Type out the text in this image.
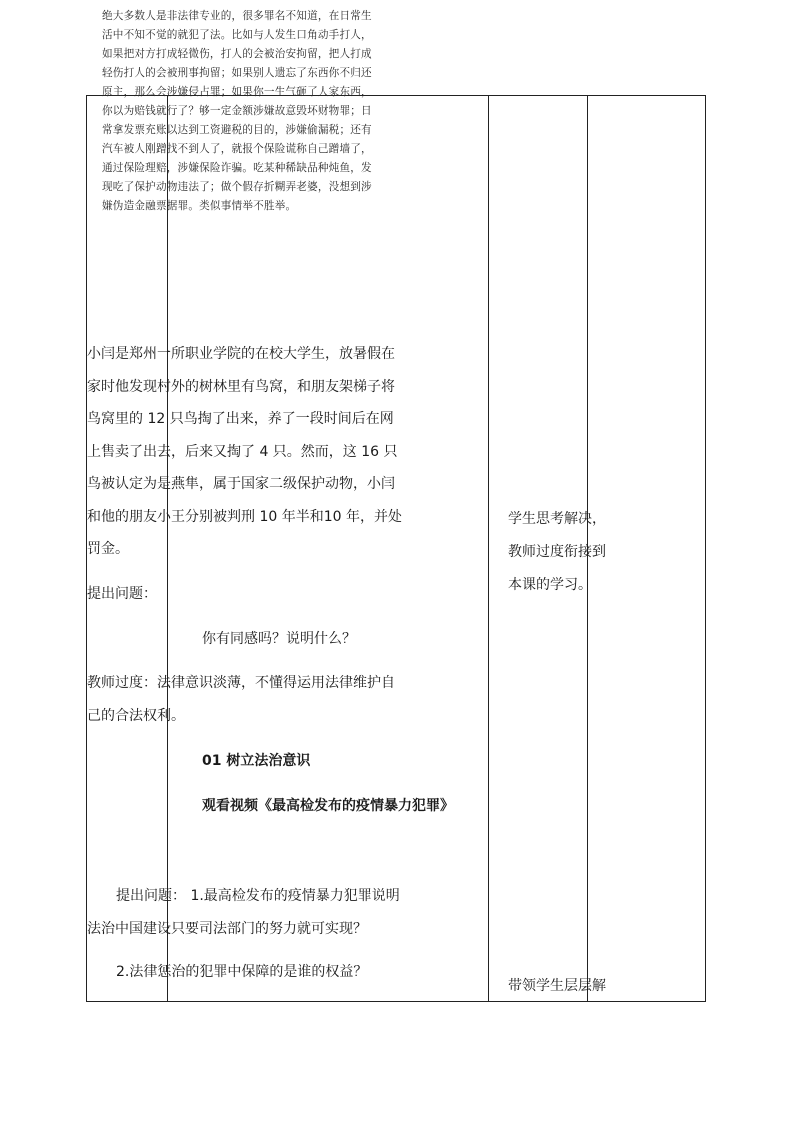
绝大多数人是非法律专业的，很多罪名不知道，在日常生活中不知不觉的就犯了法。比如与人发生口角动手打人，如果把对方打成轻微伤，打人的会被治安拘留，把人打成轻伤打人的会被刑事拘留；如果别人遗忘了东西你不归还原主，那么会涉嫌侵占罪；如果你一生气砸了人家东西，你以为赔钱就行了？够一定金额涉嫌故意毁坏财物罪；日常拿发票充账以达到工资避税的目的，涉嫌偷漏税；还有汽车被人刚蹭找不到人了，就报个保险谎称自己蹭墙了，通过保险理赔，涉嫌保险诈骗。吃某种稀缺品种炖鱼，发现吃了保护动物违法了；做个假存折糊弄老婆，没想到涉嫌伪造金融票据罪。类似事情举不胜举。
小闫是郑州一所职业学院的在校大学生，放暑假在家时他发现村外的树林里有鸟窝，和朋友架梯子将鸟窝里的 12 只鸟掏了出来，养了一段时间后在网上售卖了出去，后来又掏了 4 只。然而，这 16 只鸟被认定为是燕隼，属于国家二级保护动物，小闫和他的朋友小王分别被判刑 10 年半和10 年，并处罚金。
提出问题：
你有同感吗？说明什么？
教师过度：法律意识淡薄，不懂得运用法律维护自己的合法权利。
01 树立法治意识
观看视频《最高检发布的疫情暴力犯罪》
提出问题： 1.最高检发布的疫情暴力犯罪说明法治中国建设只要司法部门的努力就可实现？
2.法律惩治的犯罪中保障的是谁的权益？
学生思考解决，教师过度衔接到本课的学习。
带领学生层层解
